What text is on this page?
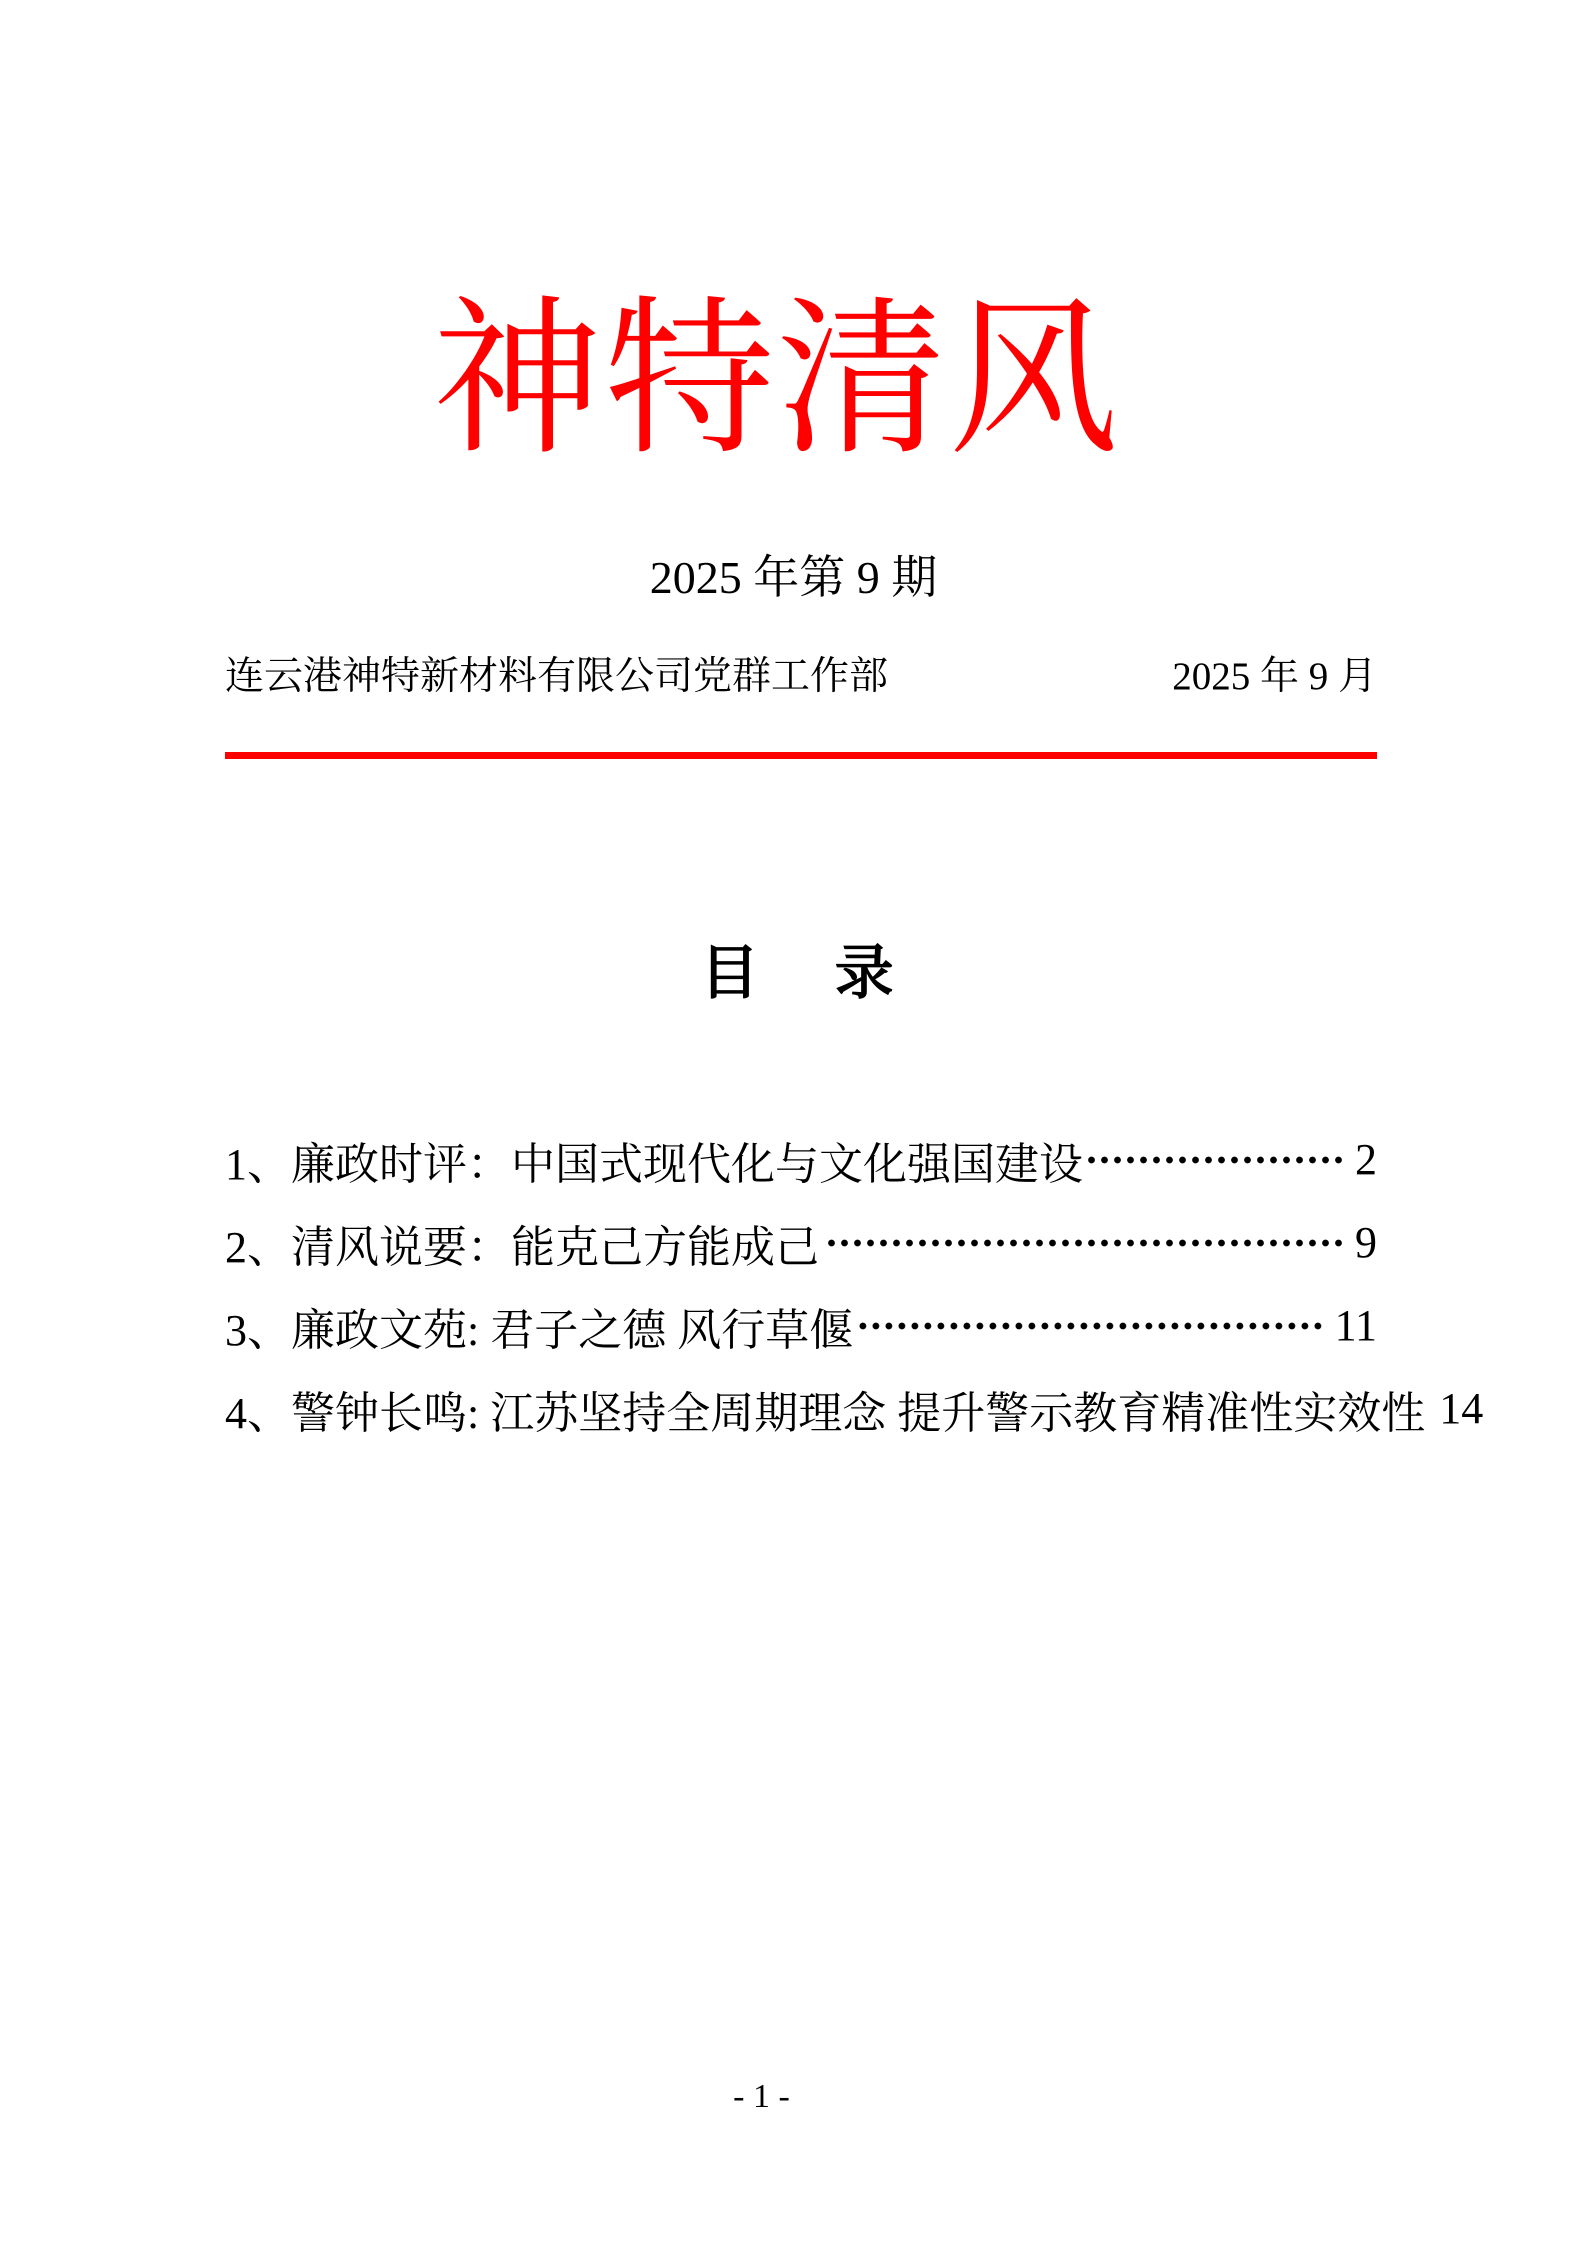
神特清风
2025 年第 9 期
连云港神特新材料有限公司党群工作部	2025 年 9 月
目　录
1、廉政时评：中国式现代化与文化强国建设	2
2、清风说要：能克己方能成己	9
3、廉政文苑: 君子之德 风行草偃	11
4、警钟长鸣: 江苏坚持全周期理念 提升警示教育精准性实效性 14
- 1 -
